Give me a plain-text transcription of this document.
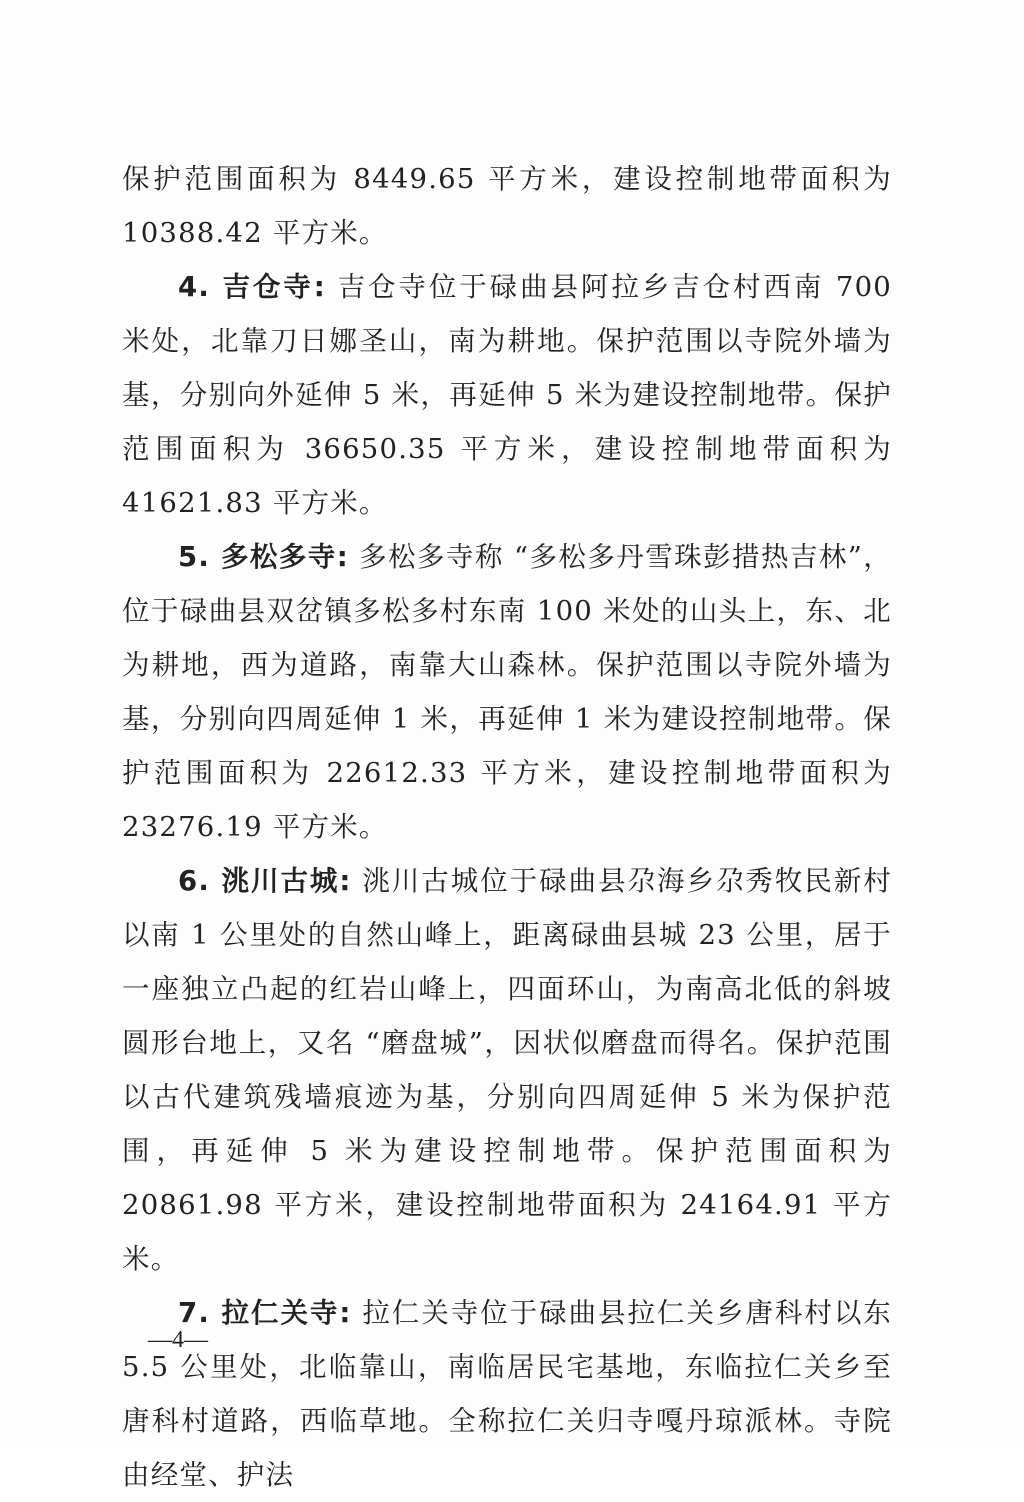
保护范围面积为 8449.65 平方米，建设控制地带面积为 10388.42 平方米。

4. 吉仓寺: 吉仓寺位于碌曲县阿拉乡吉仓村西南 700 米处，北靠刀日娜圣山，南为耕地。保护范围以寺院外墙为基，分别向外延伸 5 米，再延伸 5 米为建设控制地带。保护范围面积为 36650.35 平方米，建设控制地带面积为 41621.83 平方米。

5. 多松多寺: 多松多寺称 “多松多丹雪珠彭措热吉林”，位于碌曲县双岔镇多松多村东南 100 米处的山头上，东、北为耕地，西为道路，南靠大山森林。保护范围以寺院外墙为基，分别向四周延伸 1 米，再延伸 1 米为建设控制地带。保护范围面积为 22612.33 平方米，建设控制地带面积为 23276.19 平方米。

6. 洮川古城: 洮川古城位于碌曲县尕海乡尕秀牧民新村以南 1 公里处的自然山峰上，距离碌曲县城 23 公里，居于一座独立凸起的红岩山峰上，四面环山，为南高北低的斜坡圆形台地上，又名 “磨盘城”，因状似磨盘而得名。保护范围以古代建筑残墙痕迹为基，分别向四周延伸 5 米为保护范围，再延伸 5 米为建设控制地带。保护范围面积为 20861.98 平方米，建设控制地带面积为 24164.91 平方米。

7. 拉仁关寺: 拉仁关寺位于碌曲县拉仁关乡唐科村以东 5.5 公里处，北临靠山，南临居民宅基地，东临拉仁关乡至唐科村道路，西临草地。全称拉仁关归寺嘎丹琼派林。寺院由经堂、护法

—4—
